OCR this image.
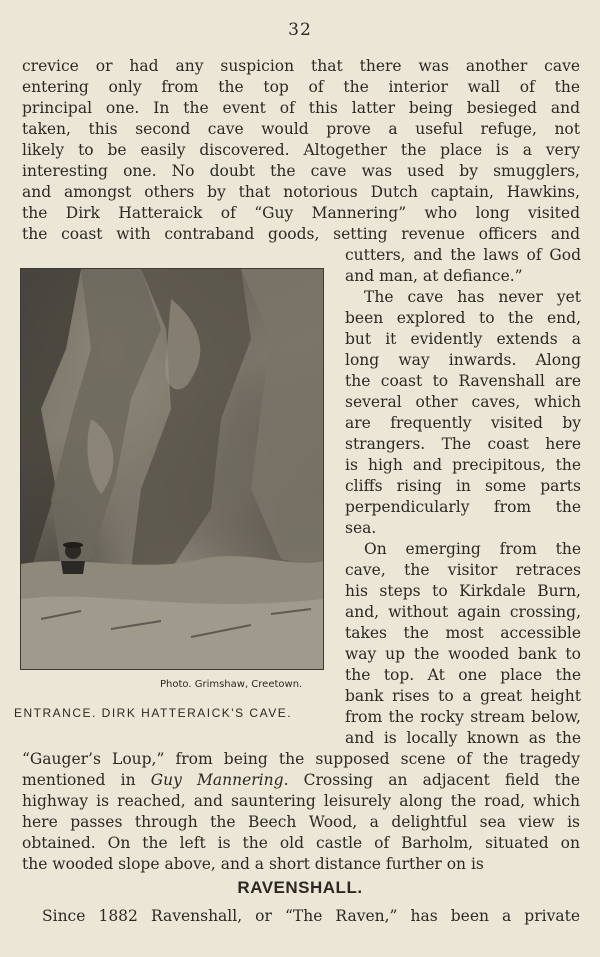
32
crevice or had any suspicion that there was another cave
entering only from the top of the interior wall of the
principal one. In the event of this latter being besieged and
taken, this second cave would prove a useful refuge, not
likely to be easily discovered. Altogether the place is a very
interesting one. No doubt the cave was used by smugglers,
and amongst others by that notorious Dutch captain, Hawkins,
the Dirk Hatteraick of “Guy Mannering” who long visited
the coast with contraband goods, setting revenue officers and
cutters, and the laws of God
and man, at defiance.”
The cave has never yet
been explored to the end,
but it evidently extends a
long way inwards. Along
the coast to Ravenshall are
several other caves, which
are frequently visited by
strangers. The coast here
is high and precipitous, the
cliffs rising in some parts
perpendicularly from the
sea.
On emerging from the
cave, the visitor retraces
his steps to Kirkdale Burn,
and, without again crossing,
takes the most accessible
way up the wooded bank to
the top. At one place the
bank rises to a great height
from the rocky stream below,
and is locally known as the
Photo. Grimshaw, Creetown.
ENTRANCE. DIRK HATTERAICK'S CAVE.
“Gauger’s Loup,” from being the supposed scene of the tragedy
mentioned in Guy Mannering. Crossing an adjacent field the
highway is reached, and sauntering leisurely along the road, which
here passes through the Beech Wood, a delightful sea view is
obtained. On the left is the old castle of Barholm, situated on
the wooded slope above, and a short distance further on is
RAVENSHALL.
Since 1882 Ravenshall, or “The Raven,” has been a private
